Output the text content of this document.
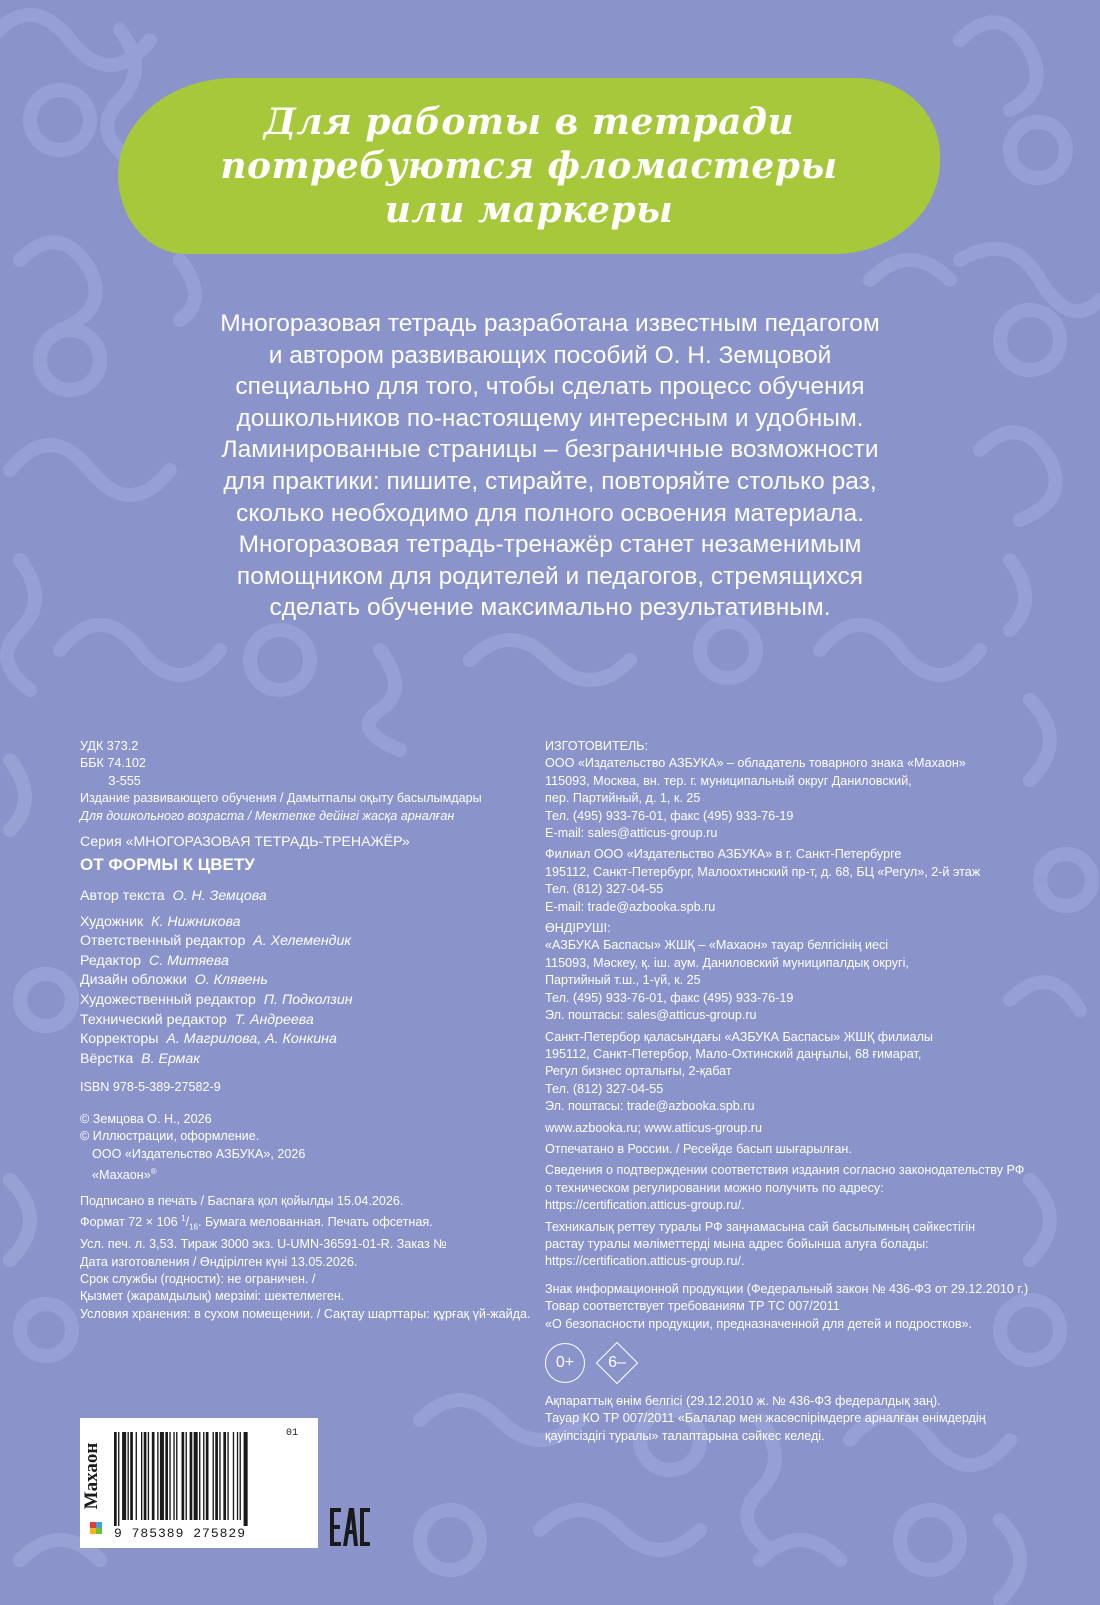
Для работы в тетради
потребуются фломастеры
или маркеры
Многоразовая тетрадь разработана известным педагогом
и автором развивающих пособий О. Н. Земцовой
специально для того, чтобы сделать процесс обучения
дошкольников по-настоящему интересным и удобным.
Ламинированные страницы – безграничные возможности
для практики: пишите, стирайте, повторяйте столько раз,
сколько необходимо для полного освоения материала.
Многоразовая тетрадь-тренажёр станет незаменимым
помощником для родителей и педагогов, стремящихся
сделать обучение максимально результативным.
УДК 373.2
ББК 74.102
З-555
Издание развивающего обучения / Дамытпалы оқыту басылымдары
Для дошкольного возраста / Мектепке дейінгі жасқа арналған
Серия «МНОГОРАЗОВАЯ ТЕТРАДЬ-ТРЕНАЖЁР»
ОТ ФОРМЫ К ЦВЕТУ
Автор текста О. Н. Земцова
Художник К. Нижникова
Ответственный редактор А. Хелемендик
Редактор С. Митяева
Дизайн обложки О. Клявень
Художественный редактор П. Подколзин
Технический редактор Т. Андреева
Корректоры А. Магрилова, А. Конкина
Вёрстка В. Ермак
ISBN 978-5-389-27582-9
© Земцова О. Н., 2026
© Иллюстрации, оформление.
ООО «Издательство АЗБУКА», 2026
«Махаон»®
Подписано в печать / Баспаға қол қойылды 15.04.2026.
Формат 72 × 106 $^1/_{16}$. Бумага мелованная. Печать офсетная.
Усл. печ. л. 3,53. Тираж 3000 экз. U-UMN-36591-01-R. Заказ №
Дата изготовления / Өндірілген күні 13.05.2026.
Срок службы (годности): не ограничен. /
Қызмет (жарамдылық) мерзімі: шектелмеген.
Условия хранения: в сухом помещении. / Сақтау шарттары: құрғақ үй-жайда.
ИЗГОТОВИТЕЛЬ:
ООО «Издательство АЗБУКА» – обладатель товарного знака «Махаон»
115093, Москва, вн. тер. г. муниципальный округ Даниловский,
пер. Партийный, д. 1, к. 25
Тел. (495) 933-76-01, факс (495) 933-76-19
E-mail: sales@atticus-group.ru
Филиал ООО «Издательство АЗБУКА» в г. Санкт-Петербурге
195112, Санкт-Петербург, Малоохтинский пр-т, д. 68, БЦ «Регул», 2-й этаж
Тел. (812) 327-04-55
E-mail: trade@azbooka.spb.ru
ӨНДІРУШІ:
«АЗБУКА Баспасы» ЖШҚ – «Махаон» тауар белгісінің иесі
115093, Мәскеу, қ. іш. аум. Даниловский муниципалдық округі,
Партийный т.ш., 1-үй, к. 25
Тел. (495) 933-76-01, факс (495) 933-76-19
Эл. поштасы: sales@atticus-group.ru
Санкт-Петербор қаласындағы «АЗБУКА Баспасы» ЖШҚ филиалы
195112, Санкт-Петербор, Мало-Охтинский даңғылы, 68 ғимарат,
Регул бизнес орталығы, 2-қабат
Тел. (812) 327-04-55
Эл. поштасы: trade@azbooka.spb.ru
www.azbooka.ru; www.atticus-group.ru
Отпечатано в России. / Ресейде басып шығарылған.
Сведения о подтверждении соответствия издания согласно законодательству РФ
о техническом регулировании можно получить по адресу:
https://certification.atticus-group.ru/.
Техникалық реттеу туралы РФ заңнамасына сай басылымның сәйкестігін
растау туралы мәліметтерді мына адрес бойынша алуға болады:
https://certification.atticus-group.ru/.
Знак информационной продукции (Федеральный закон № 436-ФЗ от 29.12.2010 г.)
Товар соответствует требованиям ТР ТС 007/2011
«О безопасности продукции, предназначенной для детей и подростков».
0+	6–
Ақпараттық өнім белгісі (29.12.2010 ж. № 436-ФЗ федералдық заң).
Тауар КО ТР 007/2011 «Балалар мен жасөспірімдерге арналған өнімдердің
қауіпсіздігі туралы» талаптарына сәйкес келеді.
Махаон
01
9 785389 275829
